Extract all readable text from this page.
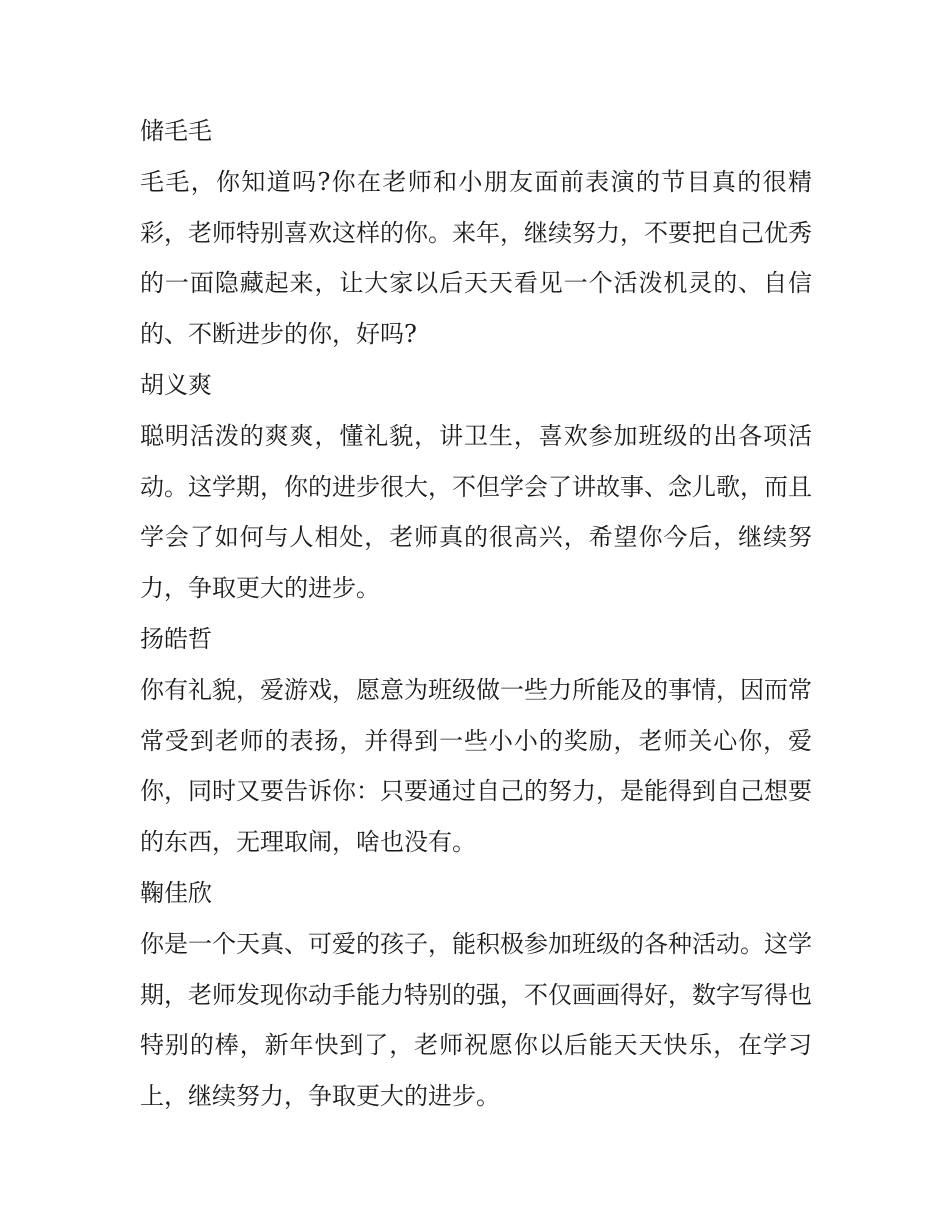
储毛毛

毛毛，你知道吗?你在老师和小朋友面前表演的节目真的很精彩，老师特别喜欢这样的你。来年，继续努力，不要把自己优秀的一面隐藏起来，让大家以后天天看见一个活泼机灵的、自信的、不断进步的你，好吗?

胡义爽

聪明活泼的爽爽，懂礼貌，讲卫生，喜欢参加班级的出各项活动。这学期，你的进步很大，不但学会了讲故事、念儿歌，而且学会了如何与人相处，老师真的很高兴，希望你今后，继续努力，争取更大的进步。

扬皓哲

你有礼貌，爱游戏，愿意为班级做一些力所能及的事情，因而常常受到老师的表扬，并得到一些小小的奖励，老师关心你，爱你，同时又要告诉你：只要通过自己的努力，是能得到自己想要的东西，无理取闹，啥也没有。

鞠佳欣

你是一个天真、可爱的孩子，能积极参加班级的各种活动。这学期，老师发现你动手能力特别的强，不仅画画得好，数字写得也特别的棒，新年快到了，老师祝愿你以后能天天快乐，在学习上，继续努力，争取更大的进步。
